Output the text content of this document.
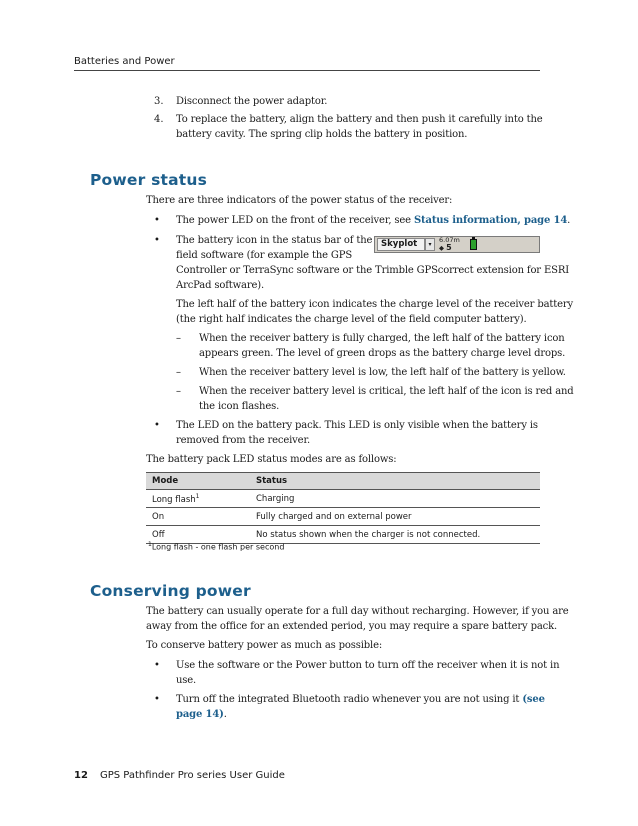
Batteries and Power
3. Disconnect the power adaptor.
4. To replace the battery, align the battery and then push it carefully into the
battery cavity. The spring clip holds the battery in position.
Power status
There are three indicators of the power status of the receiver:
• The power LED on the front of the receiver, see Status information, page 14.
• The battery icon in the status bar of the
field software (for example the GPS
Controller or TerraSync software or the Trimble GPScorrect extension for ESRI
ArcPad software).
Skyplot	▾
6.07m
◆ 5
The left half of the battery icon indicates the charge level of the receiver battery
(the right half indicates the charge level of the field computer battery).
– When the receiver battery is fully charged, the left half of the battery icon
appears green. The level of green drops as the battery charge level drops.
– When the receiver battery level is low, the left half of the battery is yellow.
– When the receiver battery level is critical, the left half of the icon is red and
the icon flashes.
• The LED on the battery pack. This LED is only visible when the battery is
removed from the receiver.
The battery pack LED status modes are as follows:
Mode	Status
Long flash$^1$	Charging
On	Fully charged and on external power
Off	No status shown when the charger is not connected.
$^1$Long flash - one flash per second
Conserving power
The battery can usually operate for a full day without recharging. However, if you are
away from the office for an extended period, you may require a spare battery pack.
To conserve battery power as much as possible:
• Use the software or the Power button to turn off the receiver when it is not in
use.
• Turn off the integrated Bluetooth radio whenever you are not using it (see
page 14).
12 GPS Pathfinder Pro series User Guide
